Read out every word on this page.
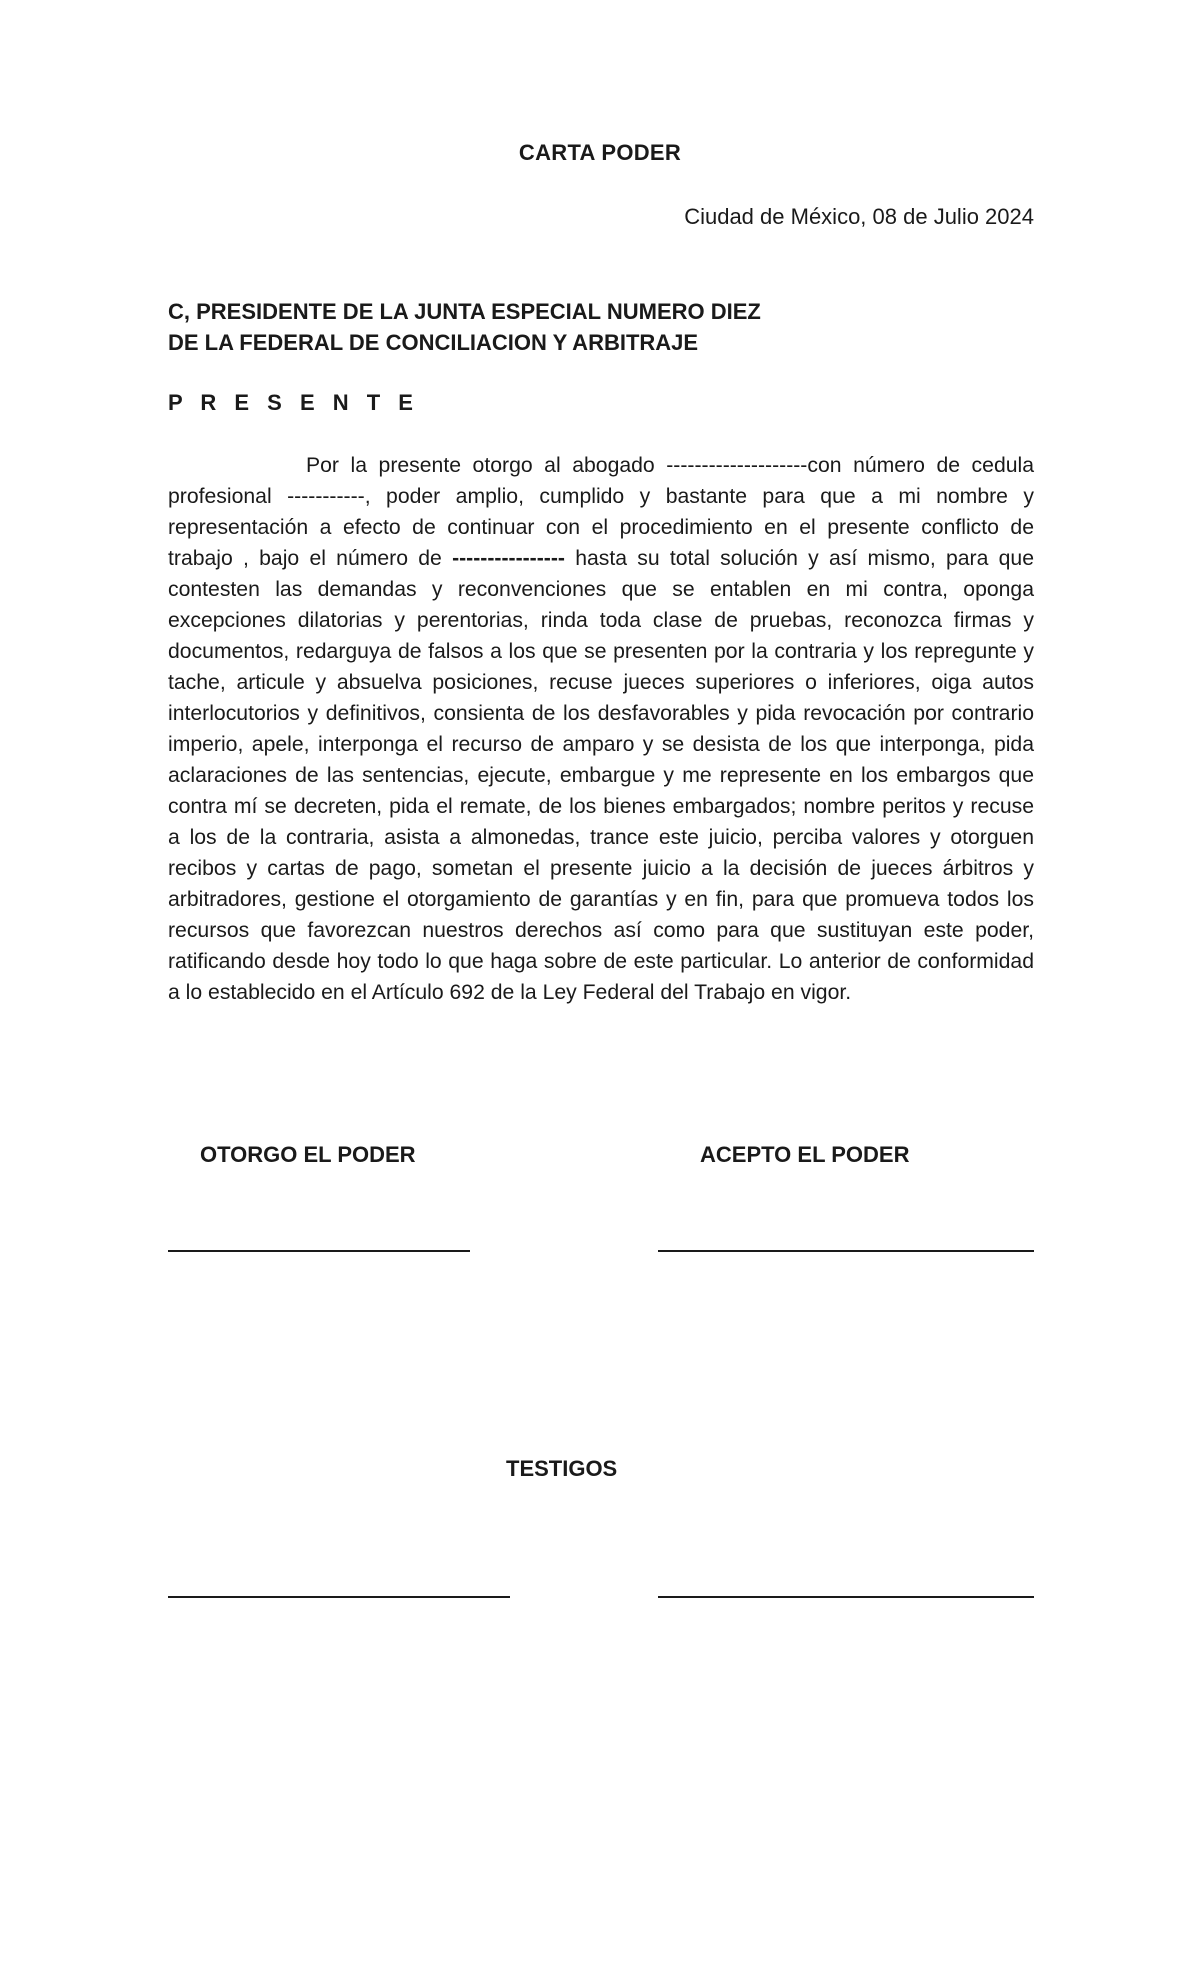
CARTA PODER
Ciudad de México, 08 de Julio 2024
C, PRESIDENTE DE LA JUNTA ESPECIAL NUMERO DIEZ
DE LA FEDERAL DE CONCILIACION Y ARBITRAJE
P R E S E N T E
Por la presente otorgo al abogado --------------------con número de cedula profesional -----------, poder amplio, cumplido y bastante para que a mi nombre y representación a efecto de continuar con el procedimiento en el presente conflicto de trabajo , bajo el número de ---------------- hasta su total solución y así mismo, para que contesten las demandas y reconvenciones que se entablen en mi contra, oponga excepciones dilatorias y perentorias, rinda toda clase de pruebas, reconozca firmas y documentos, redarguya de falsos a los que se presenten por la contraria y los repregunte y tache, articule y absuelva posiciones, recuse jueces superiores o inferiores, oiga autos interlocutorios y definitivos, consienta de los desfavorables y pida revocación por contrario imperio, apele, interponga el recurso de amparo y se desista de los que interponga, pida aclaraciones de las sentencias, ejecute, embargue y me represente en los embargos que contra mí se decreten, pida el remate, de los bienes embargados; nombre peritos y recuse a los de la contraria, asista a almonedas, trance este juicio, perciba valores y otorguen recibos y cartas de pago, sometan el presente juicio a la decisión de jueces árbitros y arbitradores, gestione el otorgamiento de garantías y en fin, para que promueva todos los recursos que favorezcan nuestros derechos así como para que sustituyan este poder, ratificando desde hoy todo lo que haga sobre de este particular. Lo anterior de conformidad a lo establecido en el Artículo 692 de la Ley Federal del Trabajo en vigor.
OTORGO EL PODER	ACEPTO EL PODER
TESTIGOS
